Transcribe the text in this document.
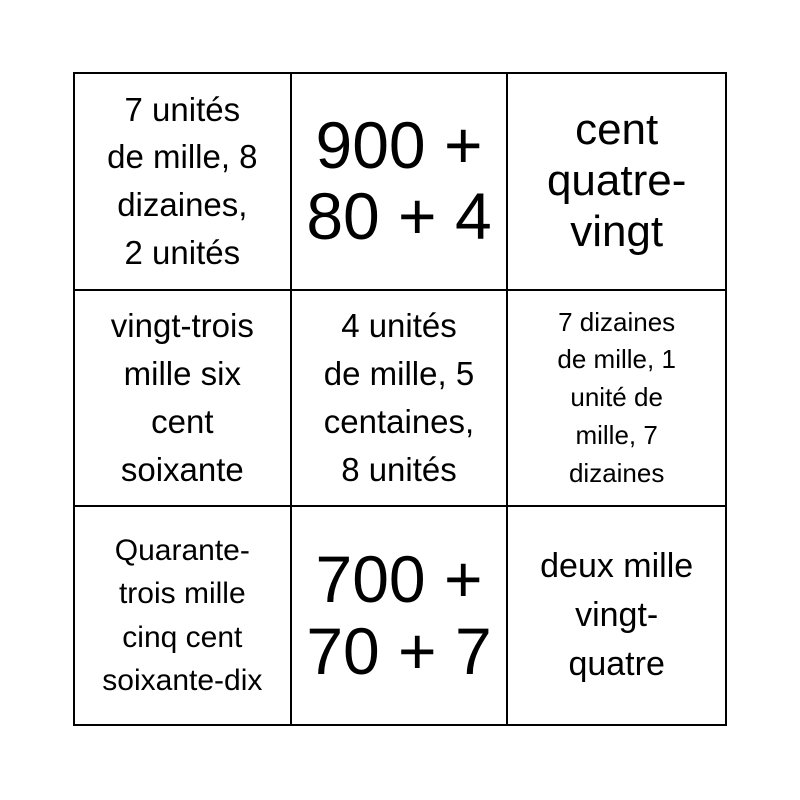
7 unités
de mille, 8
dizaines,
2 unités
900 +
80 + 4
cent
quatre-
vingt
vingt-trois
mille six
cent
soixante
4 unités
de mille, 5
centaines,
8 unités
7 dizaines
de mille, 1
unité de
mille, 7
dizaines
Quarante-
trois mille
cinq cent
soixante-dix
700 +
70 + 7
deux mille
vingt-
quatre
